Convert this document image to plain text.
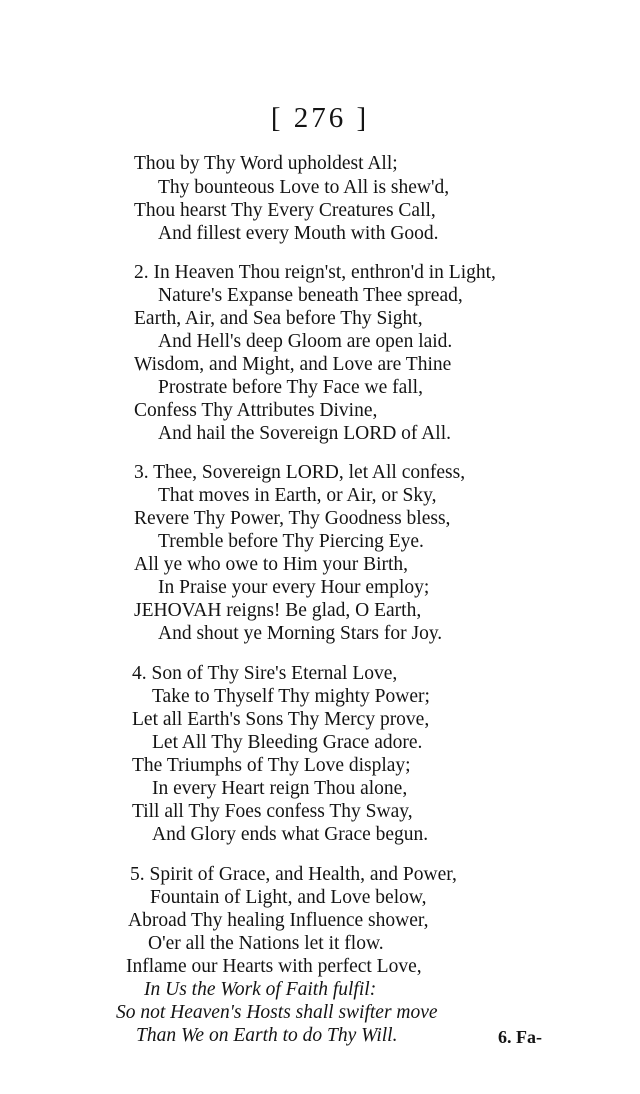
[ 276 ]
Thou by Thy Word upholdest All;
Thy bounteous Love to All is shew'd,
Thou hearst Thy Every Creatures Call,
And fillest every Mouth with Good.
2. In Heaven Thou reign'st, enthron'd in Light,
Nature's Expanse beneath Thee spread,
Earth, Air, and Sea before Thy Sight,
And Hell's deep Gloom are open laid.
Wisdom, and Might, and Love are Thine
Prostrate before Thy Face we fall,
Confess Thy Attributes Divine,
And hail the Sovereign LORD of All.
3. Thee, Sovereign LORD, let All confess,
That moves in Earth, or Air, or Sky,
Revere Thy Power, Thy Goodness bless,
Tremble before Thy Piercing Eye.
All ye who owe to Him your Birth,
In Praise your every Hour employ;
JEHOVAH reigns! Be glad, O Earth,
And shout ye Morning Stars for Joy.
4. Son of Thy Sire's Eternal Love,
Take to Thyself Thy mighty Power;
Let all Earth's Sons Thy Mercy prove,
Let All Thy Bleeding Grace adore.
The Triumphs of Thy Love display;
In every Heart reign Thou alone,
Till all Thy Foes confess Thy Sway,
And Glory ends what Grace begun.
5. Spirit of Grace, and Health, and Power,
Fountain of Light, and Love below,
Abroad Thy healing Influence shower,
O'er all the Nations let it flow.
Inflame our Hearts with perfect Love,
In Us the Work of Faith fulfil:
So not Heaven's Hosts shall swifter move
Than We on Earth to do Thy Will.	6. Fa-
